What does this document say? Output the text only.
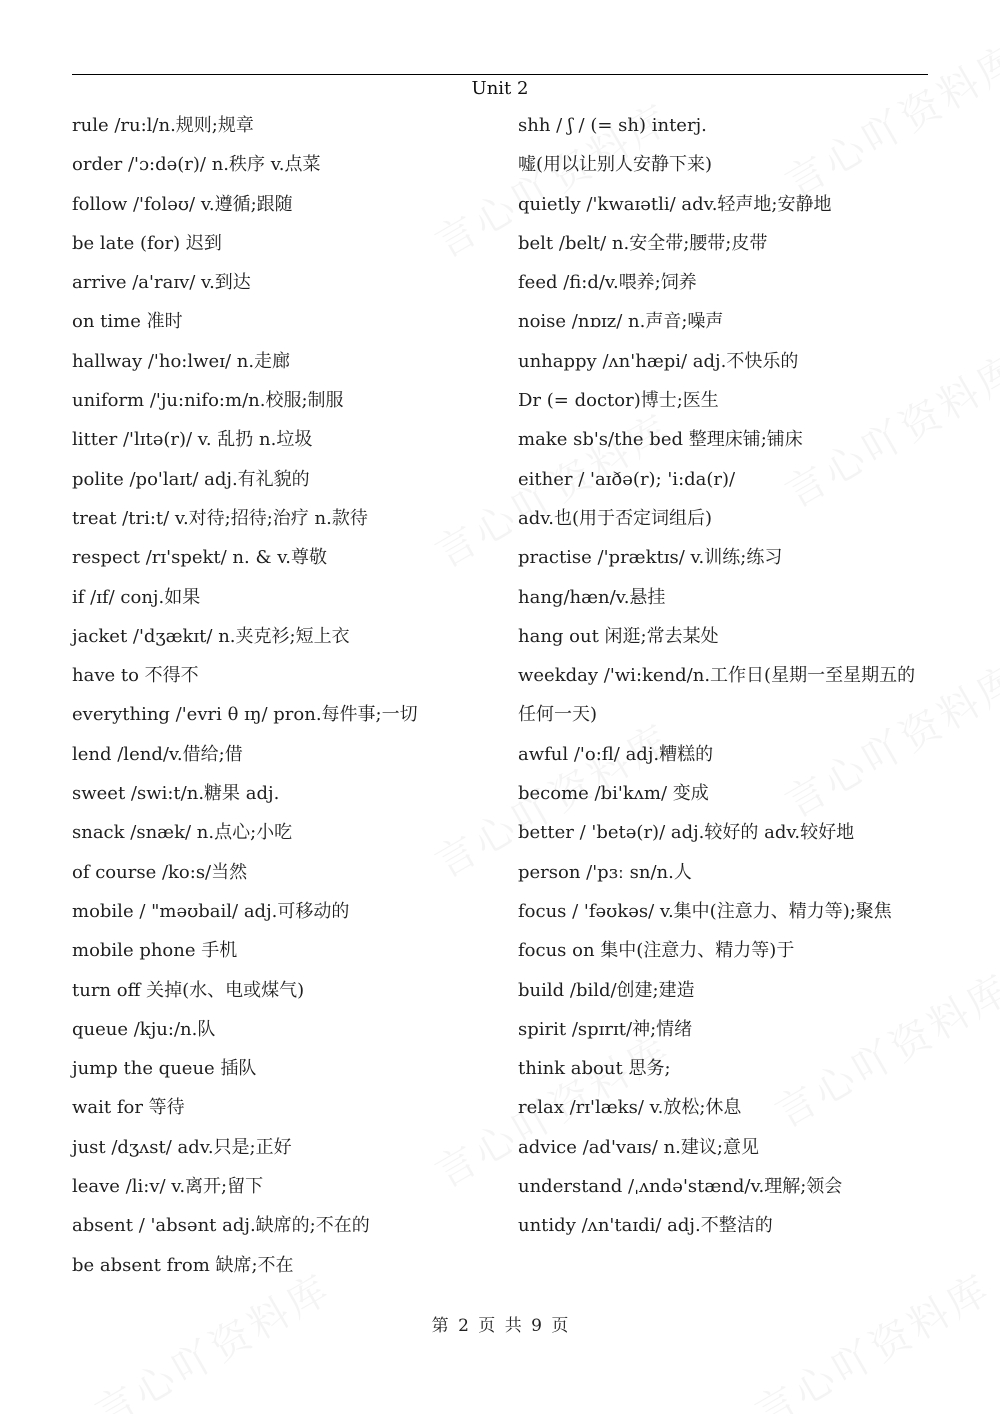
Unit 2
rule /ru:l/n.规则;规章
order /'ɔ:də(r)/ n.秩序 v.点菜
follow /'foləʊ/ v.遵循;跟随
be late (for) 迟到
arrive /a'raɪv/ v.到达
on time 准时
hallway /'ho:lweɪ/ n.走廊
uniform /'ju:nifo:m/n.校服;制服
litter /'lɪtə(r)/ v. 乱扔 n.垃圾
polite /po'laɪt/ adj.有礼貌的
treat /tri:t/ v.对待;招待;治疗 n.款待
respect /rɪ'spekt/ n. & v.尊敬
if /ɪf/ conj.如果
jacket /'dʒækɪt/ n.夹克衫;短上衣
have to 不得不
everything /'evri θ ɪŋ/ pron.每件事;一切
lend /lend/v.借给;借
sweet /swi:t/n.糖果 adj.
snack /snæk/ n.点心;小吃
of course /ko:s/当然
mobile / "məʊbail/ adj.可移动的
mobile phone 手机
turn off 关掉(水、电或煤气)
queue /kju:/n.队
jump the queue 插队
wait for 等待
just /dʒʌst/ adv.只是;正好
leave /li:v/ v.离开;留下
absent / 'absənt adj.缺席的;不在的
be absent from 缺席;不在
shh / ʃ / (= sh) interj.
嘘(用以让别人安静下来)
quietly /'kwaɪətli/ adv.轻声地;安静地
belt /belt/ n.安全带;腰带;皮带
feed /fi:d/v.喂养;饲养
noise /nɒɪz/ n.声音;噪声
unhappy /ʌn'hæpi/ adj.不快乐的
Dr (= doctor)博士;医生
make sb's/the bed 整理床铺;铺床
either / 'aɪðə(r); 'i:da(r)/
adv.也(用于否定词组后)
practise /'præktɪs/ v.训练;练习
hang/hæn/v.悬挂
hang out 闲逛;常去某处
weekday /'wi:kend/n.工作日(星期一至星期五的
任何一天)
awful /'o:fl/ adj.糟糕的
become /bi'kʌm/ 变成
better / 'betə(r)/ adj.较好的 adv.较好地
person /'pɜː sn/n.人
focus / 'fəʊkəs/ v.集中(注意力、精力等);聚焦
focus on 集中(注意力、精力等)于
build /bild/创建;建造
spirit /spɪrɪt/神;情绪
think about 思务;
relax /rɪ'læks/ v.放松;休息
advice /ad'vaɪs/ n.建议;意见
understand /ˌʌndə'stænd/v.理解;领会
untidy /ʌn'taɪdi/ adj.不整洁的
第 2 页 共 9 页
